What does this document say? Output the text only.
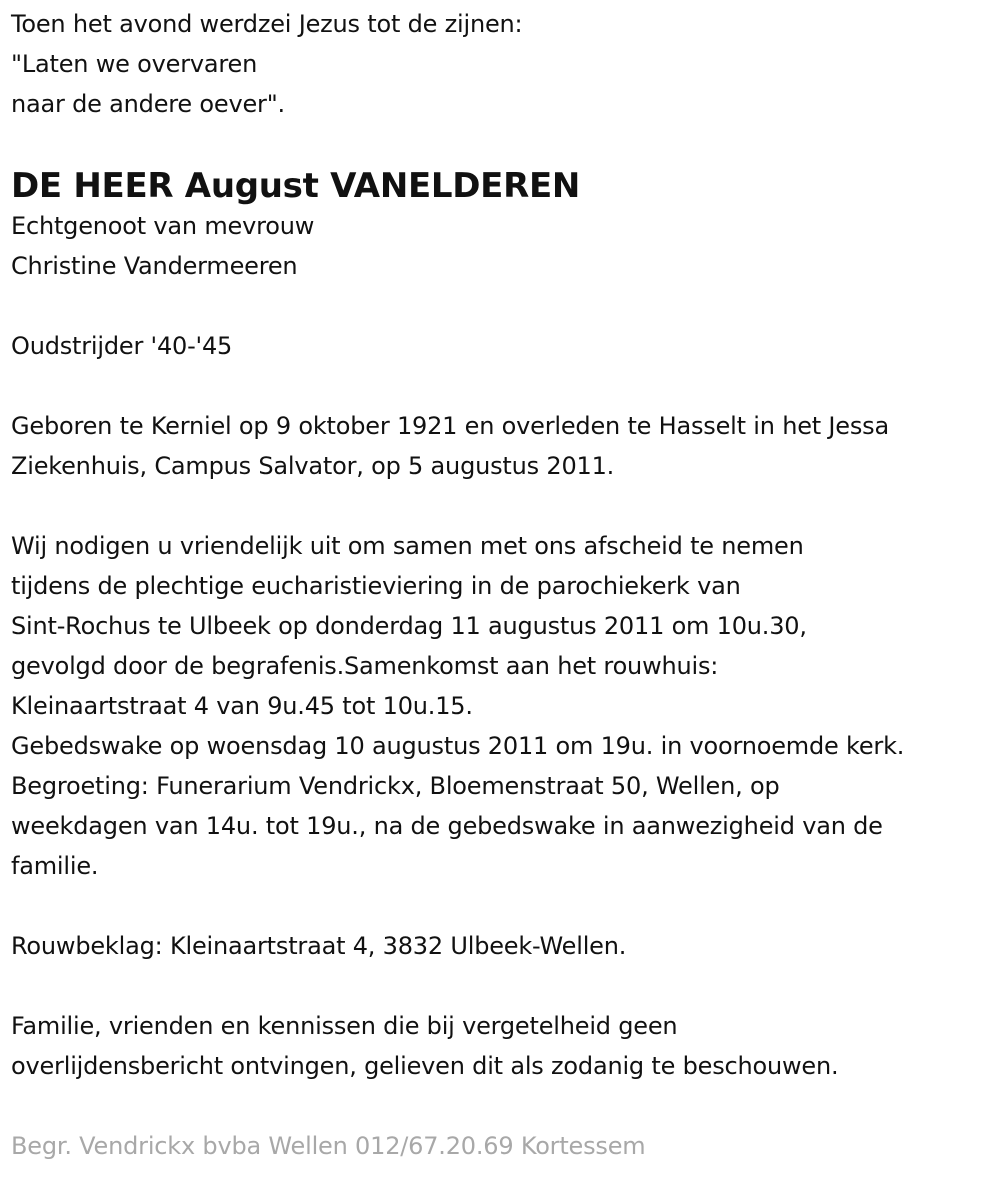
Toen het avond werdzei Jezus tot de zijnen:
"Laten we overvaren
naar de andere oever".
DE HEER August VANELDEREN
Echtgenoot van mevrouw
Christine Vandermeeren
Oudstrijder '40-'45
Geboren te Kerniel op 9 oktober 1921 en overleden te Hasselt in het Jessa
Ziekenhuis, Campus Salvator, op 5 augustus 2011.
Wij nodigen u vriendelijk uit om samen met ons afscheid te nemen
tijdens de plechtige eucharistieviering in de parochiekerk van
Sint-Rochus te Ulbeek op donderdag 11 augustus 2011 om 10u.30,
gevolgd door de begrafenis.Samenkomst aan het rouwhuis:
Kleinaartstraat 4 van 9u.45 tot 10u.15.
Gebedswake op woensdag 10 augustus 2011 om 19u. in voornoemde kerk.
Begroeting: Funerarium Vendrickx, Bloemenstraat 50, Wellen, op
weekdagen van 14u. tot 19u., na de gebedswake in aanwezigheid van de
familie.
Rouwbeklag: Kleinaartstraat 4, 3832 Ulbeek-Wellen.
Familie, vrienden en kennissen die bij vergetelheid geen
overlijdensbericht ontvingen, gelieven dit als zodanig te beschouwen.
Begr. Vendrickx bvba Wellen 012/67.20.69 Kortessem
